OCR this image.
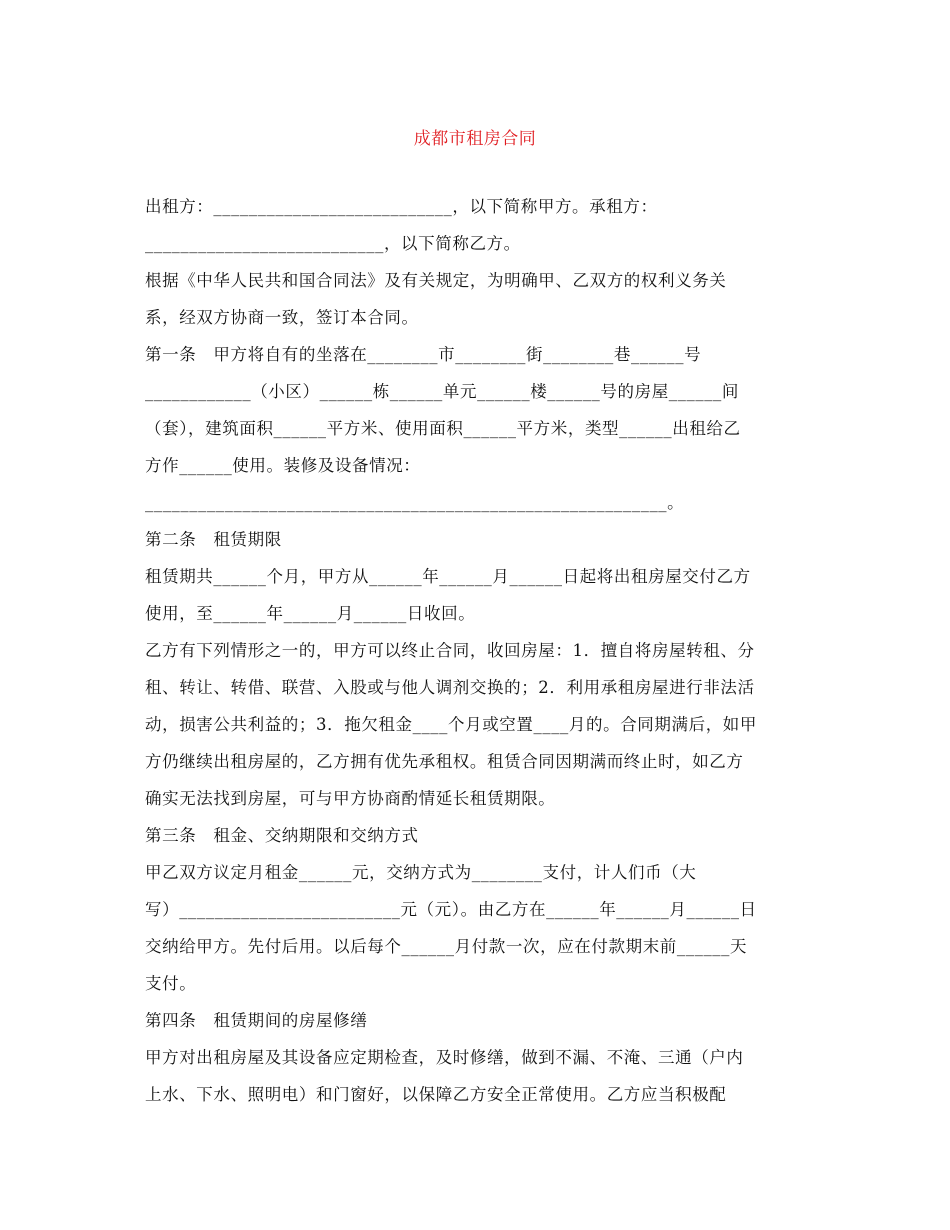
成都市租房合同
出租方：___________________________，以下简称甲方。承租方：
___________________________，以下简称乙方。
根据《中华人民共和国合同法》及有关规定，为明确甲、乙双方的权利义务关
系，经双方协商一致，签订本合同。
第一条　甲方将自有的坐落在________市________街________巷______号
____________（小区）______栋______单元______楼______号的房屋______间
（套），建筑面积______平方米、使用面积______平方米，类型______出租给乙
方作______使用。装修及设备情况：
___________________________________________________________。
第二条　租赁期限
租赁期共______个月，甲方从______年______月______日起将出租房屋交付乙方
使用，至______年______月______日收回。
乙方有下列情形之一的，甲方可以终止合同，收回房屋：1．擅自将房屋转租、分
租、转让、转借、联营、入股或与他人调剂交换的；2．利用承租房屋进行非法活
动，损害公共利益的；3．拖欠租金____个月或空置____月的。合同期满后，如甲
方仍继续出租房屋的，乙方拥有优先承租权。租赁合同因期满而终止时，如乙方
确实无法找到房屋，可与甲方协商酌情延长租赁期限。
第三条　租金、交纳期限和交纳方式
甲乙双方议定月租金______元，交纳方式为________支付，计人们币（大
写）_________________________元（元）。由乙方在______年______月______日
交纳给甲方。先付后用。以后每个______月付款一次，应在付款期末前______天
支付。
第四条　租赁期间的房屋修缮
甲方对出租房屋及其设备应定期检查，及时修缮，做到不漏、不淹、三通（户内
上水、下水、照明电）和门窗好，以保障乙方安全正常使用。乙方应当积极配
